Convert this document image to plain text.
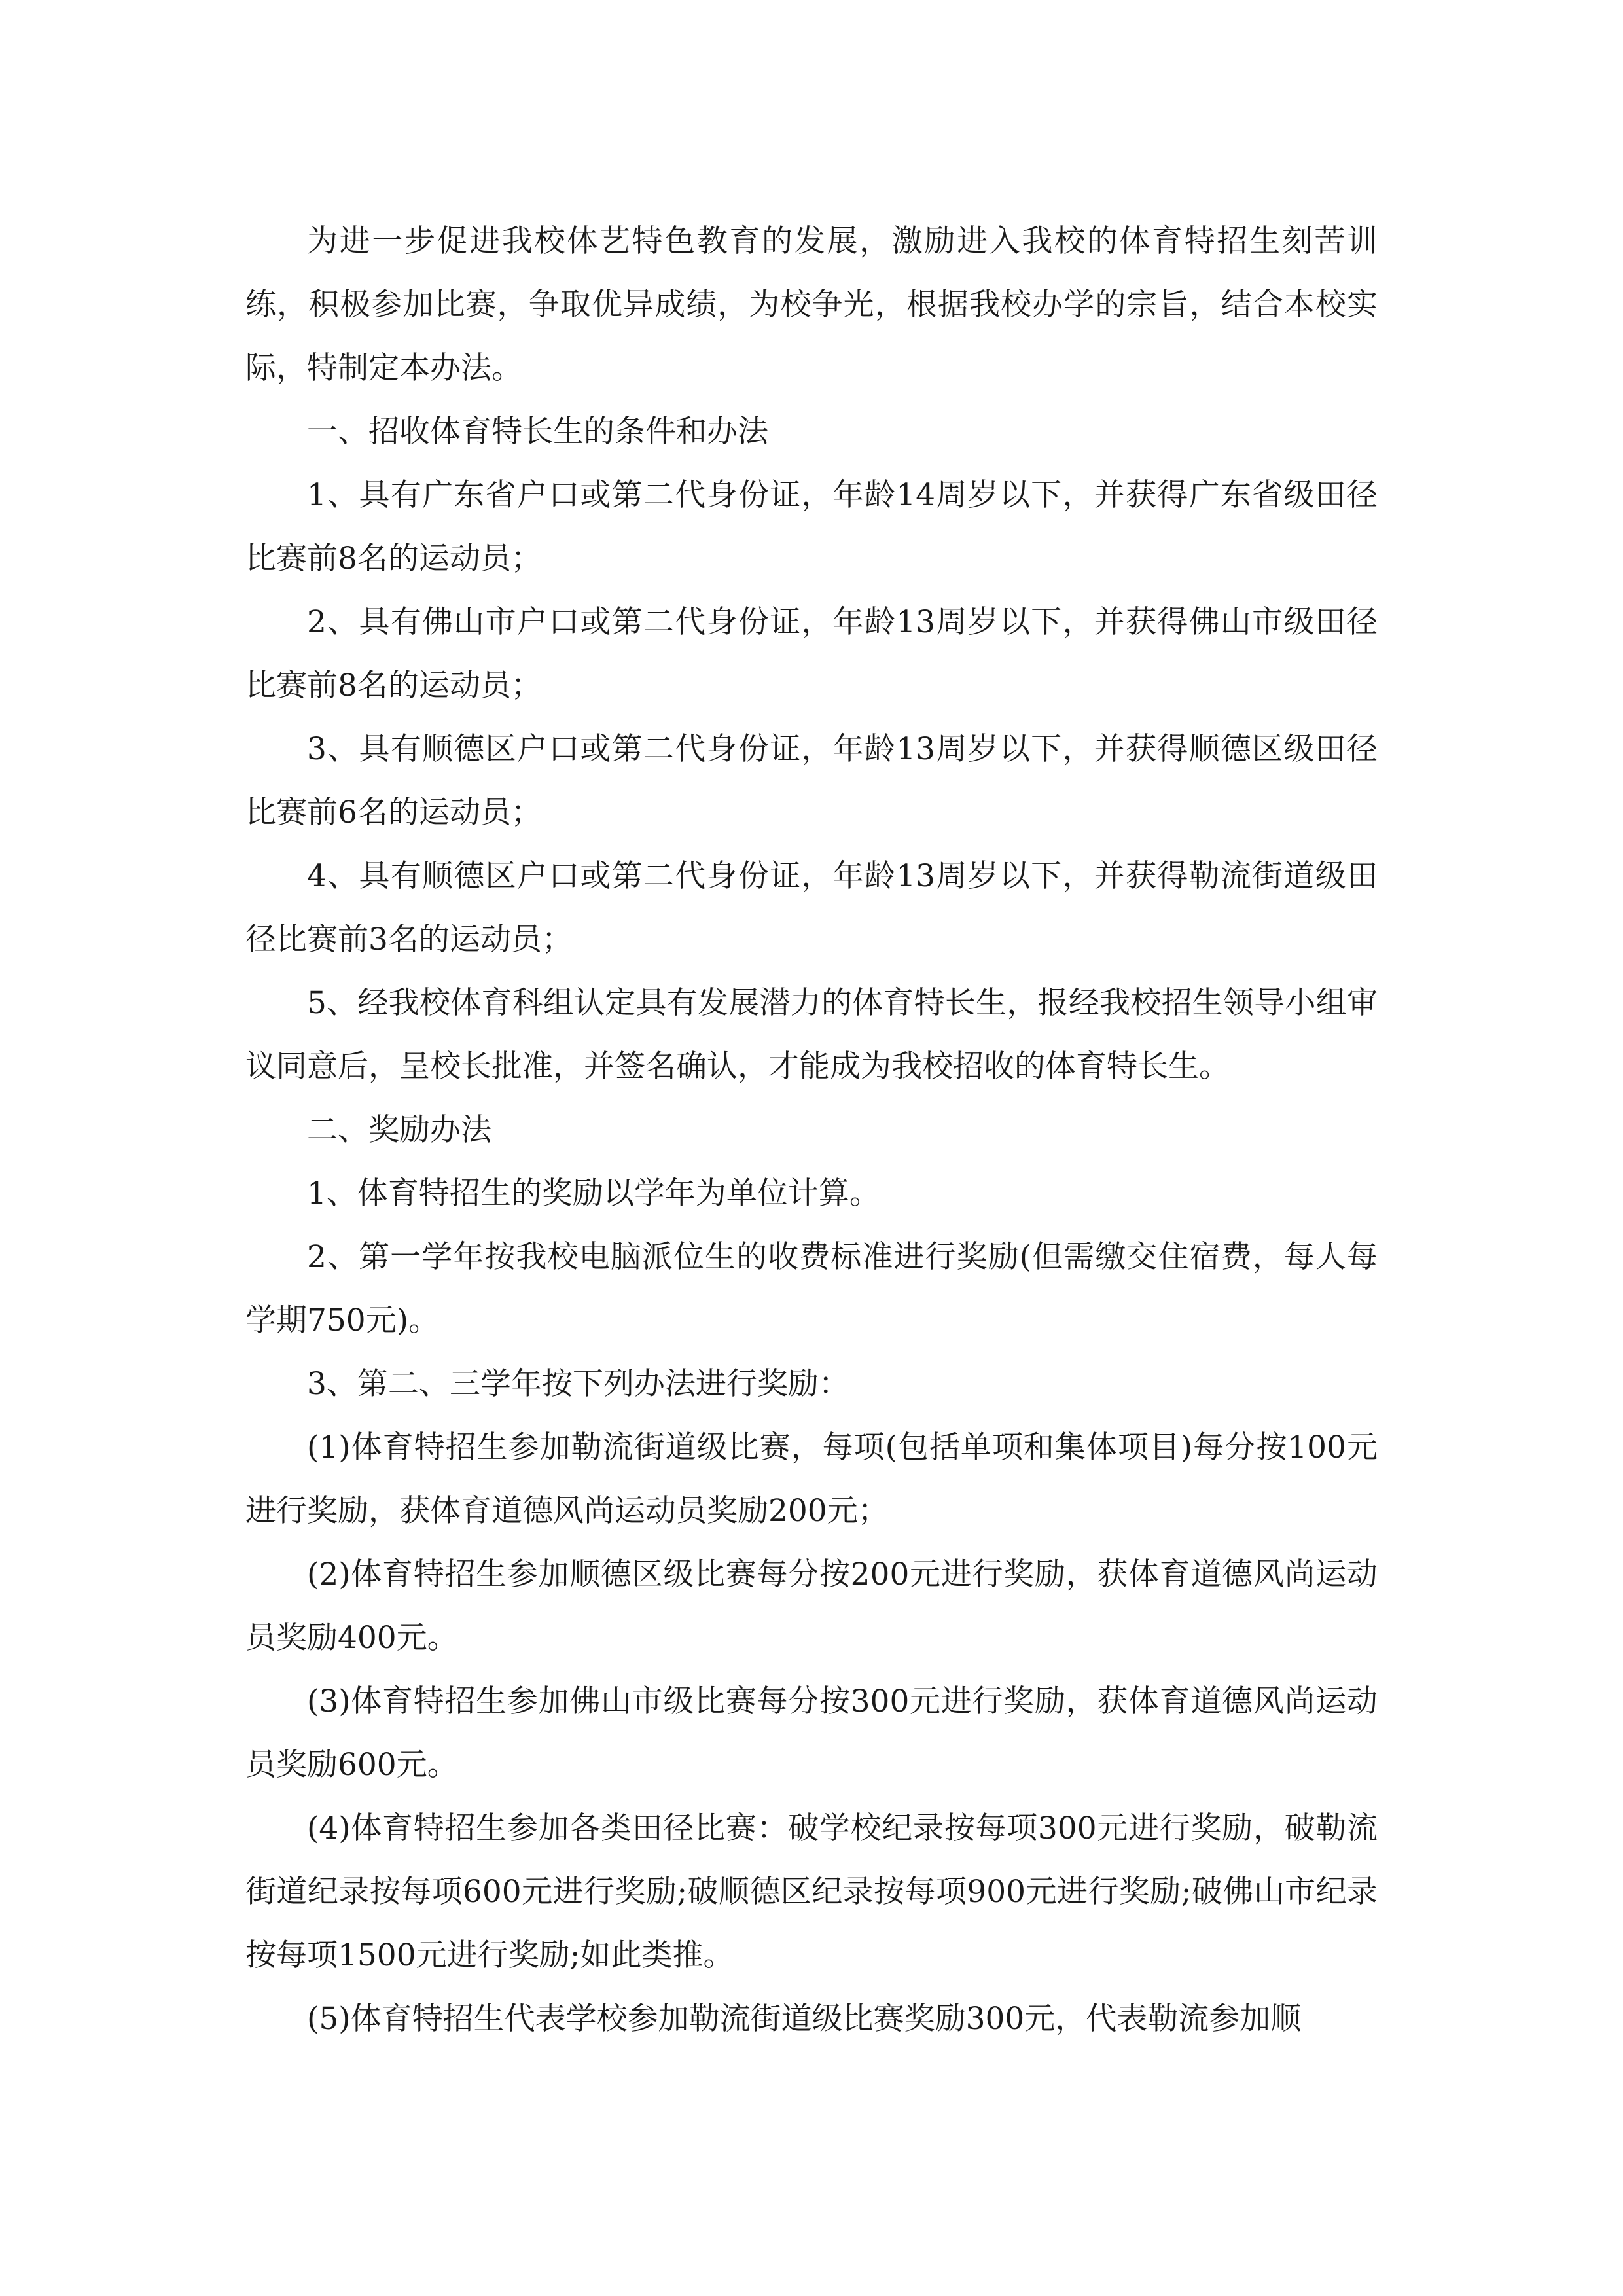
为进一步促进我校体艺特色教育的发展，激励进入我校的体育特招生刻苦训练，积极参加比赛，争取优异成绩，为校争光，根据我校办学的宗旨，结合本校实际，特制定本办法。

一、招收体育特长生的条件和办法

1、具有广东省户口或第二代身份证，年龄14周岁以下，并获得广东省级田径比赛前8名的运动员；

2、具有佛山市户口或第二代身份证，年龄13周岁以下，并获得佛山市级田径比赛前8名的运动员；

3、具有顺德区户口或第二代身份证，年龄13周岁以下，并获得顺德区级田径比赛前6名的运动员；

4、具有顺德区户口或第二代身份证，年龄13周岁以下，并获得勒流街道级田径比赛前3名的运动员；

5、经我校体育科组认定具有发展潜力的体育特长生，报经我校招生领导小组审议同意后，呈校长批准，并签名确认，才能成为我校招收的体育特长生。

二、奖励办法

1、体育特招生的奖励以学年为单位计算。

2、第一学年按我校电脑派位生的收费标准进行奖励(但需缴交住宿费，每人每学期750元)。

3、第二、三学年按下列办法进行奖励：

(1)体育特招生参加勒流街道级比赛，每项(包括单项和集体项目)每分按100元进行奖励，获体育道德风尚运动员奖励200元；

(2)体育特招生参加顺德区级比赛每分按200元进行奖励，获体育道德风尚运动员奖励400元。

(3)体育特招生参加佛山市级比赛每分按300元进行奖励，获体育道德风尚运动员奖励600元。

(4)体育特招生参加各类田径比赛：破学校纪录按每项300元进行奖励，破勒流街道纪录按每项600元进行奖励;破顺德区纪录按每项900元进行奖励;破佛山市纪录按每项1500元进行奖励;如此类推。

(5)体育特招生代表学校参加勒流街道级比赛奖励300元，代表勒流参加顺
